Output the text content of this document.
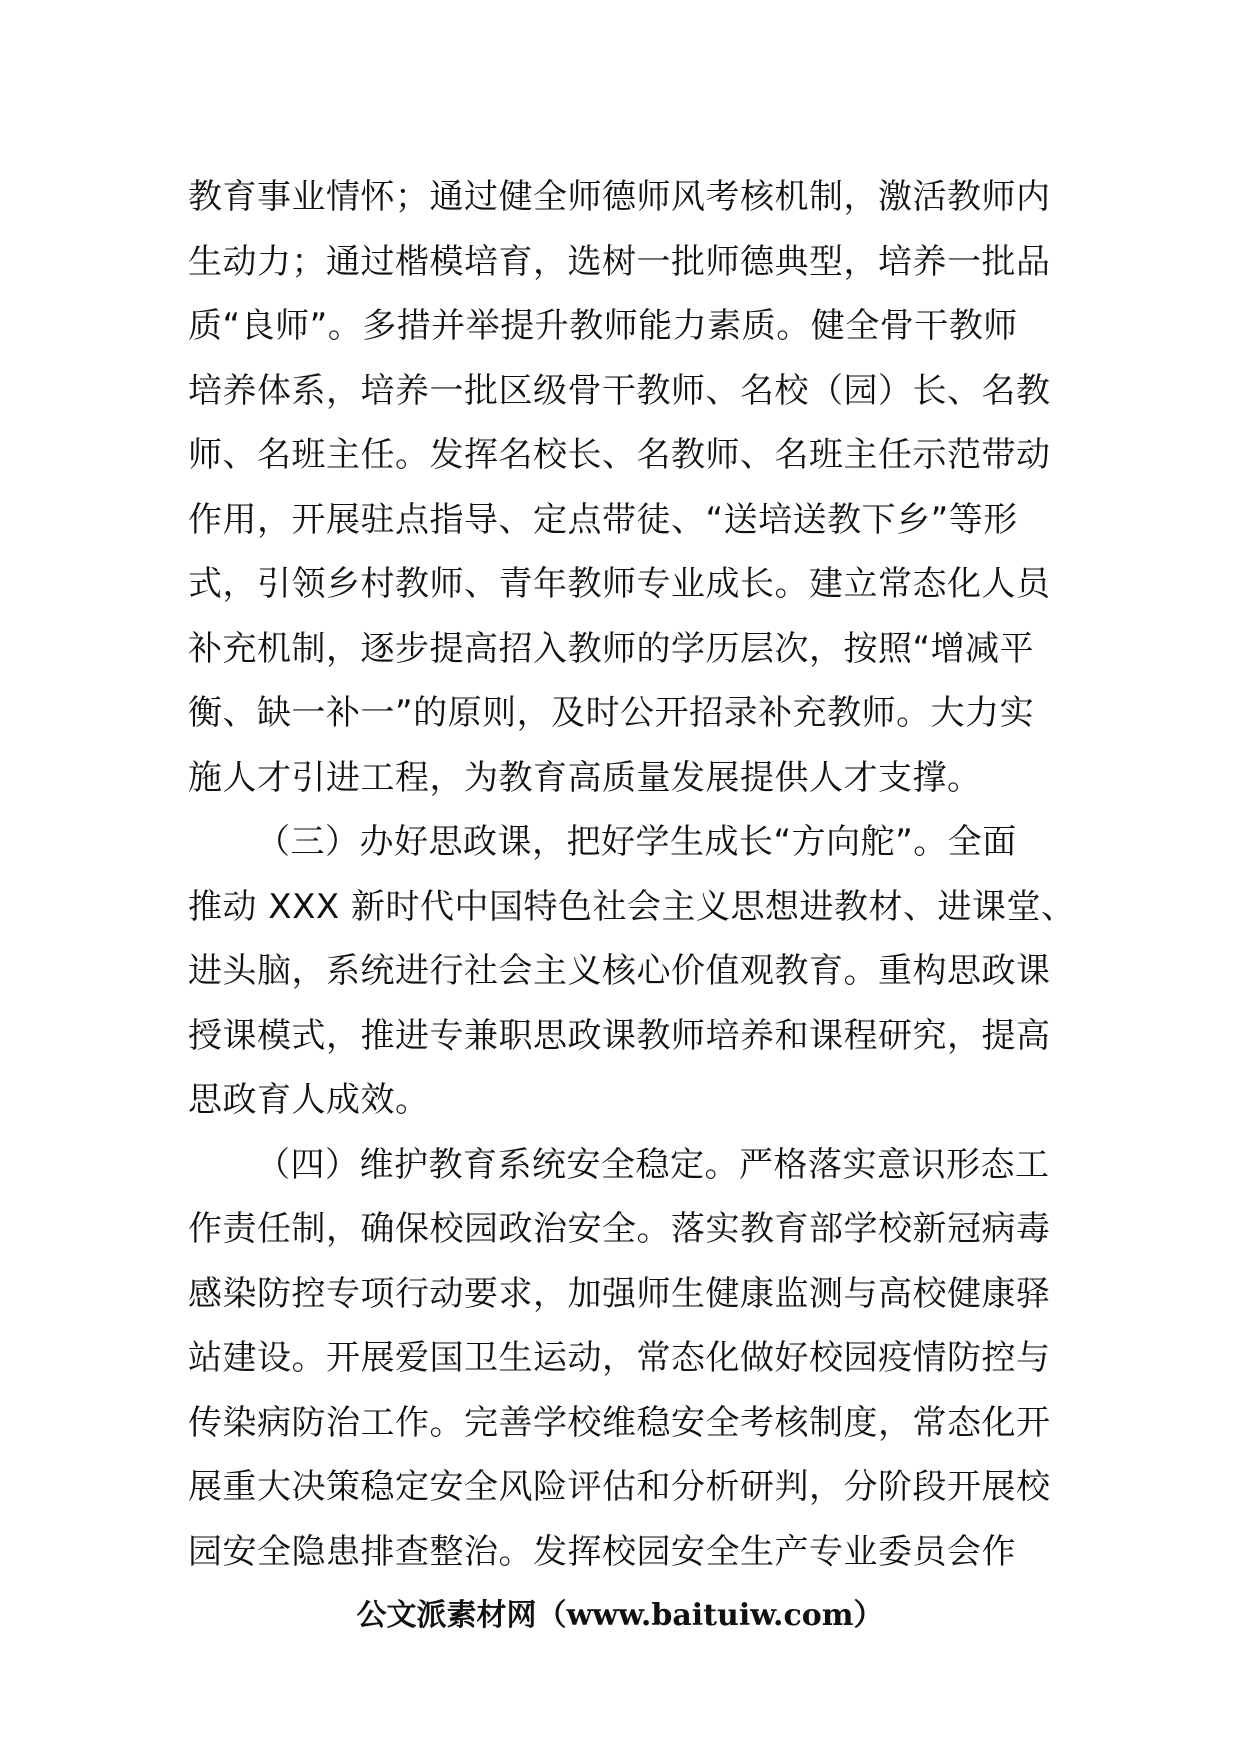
教育事业情怀；通过健全师德师风考核机制，激活教师内
生动力；通过楷模培育，选树一批师德典型，培养一批品
质“良师”。多措并举提升教师能力素质。健全骨干教师
培养体系，培养一批区级骨干教师、名校（园）长、名教
师、名班主任。发挥名校长、名教师、名班主任示范带动
作用，开展驻点指导、定点带徒、“送培送教下乡”等形
式，引领乡村教师、青年教师专业成长。建立常态化人员
补充机制，逐步提高招入教师的学历层次，按照“增减平
衡、缺一补一”的原则，及时公开招录补充教师。大力实
施人才引进工程，为教育高质量发展提供人才支撑。
（三）办好思政课，把好学生成长“方向舵”。全面
推动 XXX 新时代中国特色社会主义思想进教材、进课堂、
进头脑，系统进行社会主义核心价值观教育。重构思政课
授课模式，推进专兼职思政课教师培养和课程研究，提高
思政育人成效。
（四）维护教育系统安全稳定。严格落实意识形态工
作责任制，确保校园政治安全。落实教育部学校新冠病毒
感染防控专项行动要求，加强师生健康监测与高校健康驿
站建设。开展爱国卫生运动，常态化做好校园疫情防控与
传染病防治工作。完善学校维稳安全考核制度，常态化开
展重大决策稳定安全风险评估和分析研判，分阶段开展校
园安全隐患排查整治。发挥校园安全生产专业委员会作
公文派素材网（www.baituiw.com）
